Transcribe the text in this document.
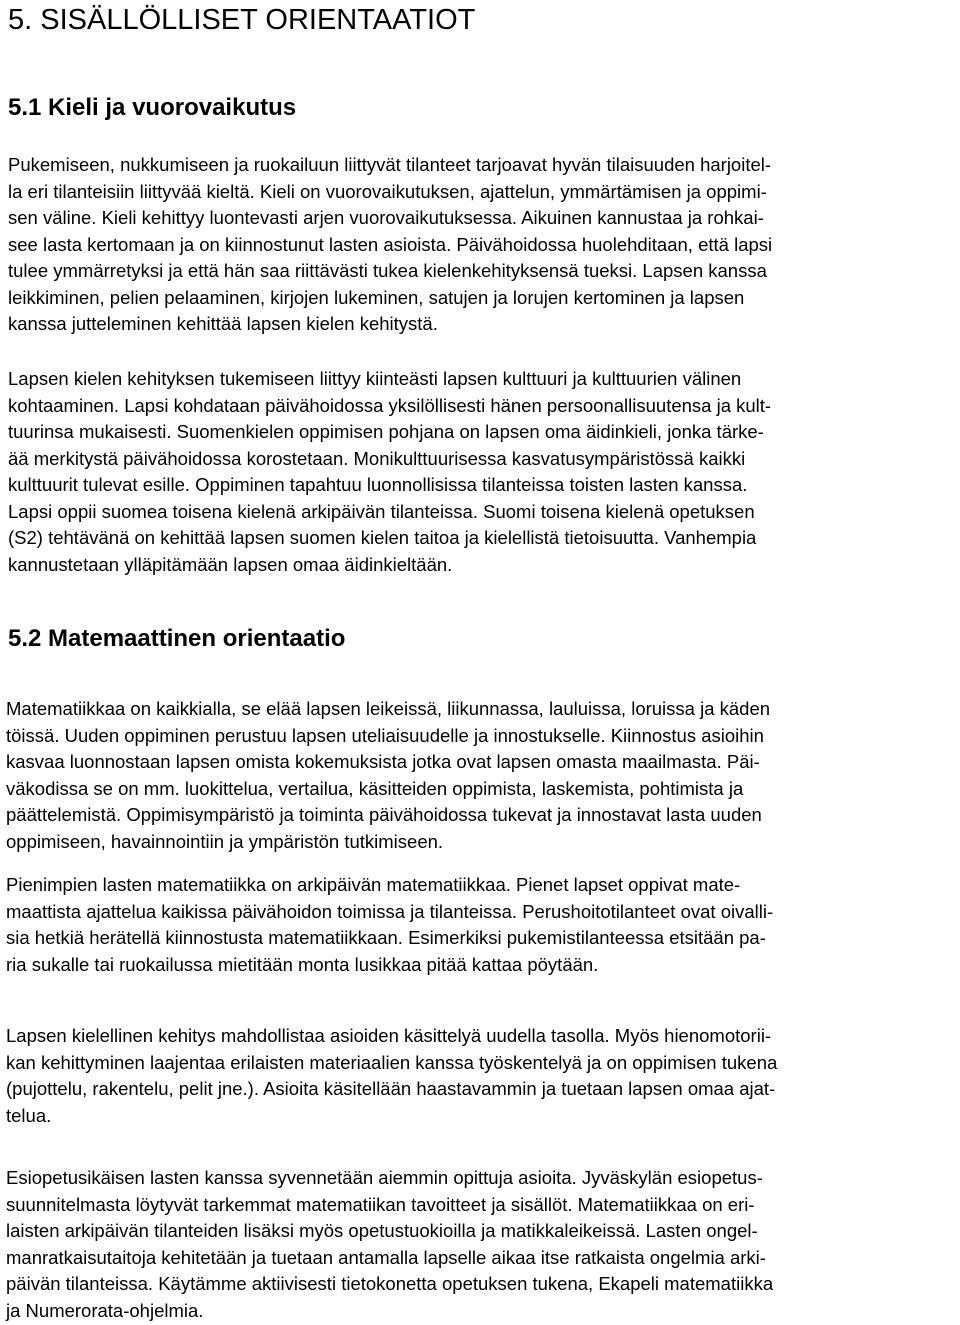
5. SISÄLLÖLLISET ORIENTAATIOT
5.1 Kieli ja vuorovaikutus

Pukemiseen, nukkumiseen ja ruokailuun liittyvät tilanteet tarjoavat hyvän tilaisuuden harjoitel-
la eri tilanteisiin liittyvää kieltä. Kieli on vuorovaikutuksen, ajattelun, ymmärtämisen ja oppimi-
sen väline. Kieli kehittyy luontevasti arjen vuorovaikutuksessa. Aikuinen kannustaa ja rohkai-
see lasta kertomaan ja on kiinnostunut lasten asioista. Päivähoidossa huolehditaan, että lapsi
tulee ymmärretyksi ja että hän saa riittävästi tukea kielenkehityksensä tueksi. Lapsen kanssa
leikkiminen, pelien pelaaminen, kirjojen lukeminen, satujen ja lorujen kertominen ja lapsen
kanssa jutteleminen kehittää lapsen kielen kehitystä.

Lapsen kielen kehityksen tukemiseen liittyy kiinteästi lapsen kulttuuri ja kulttuurien välinen
kohtaaminen. Lapsi kohdataan päivähoidossa yksilöllisesti hänen persoonallisuutensa ja kult-
tuurinsa mukaisesti. Suomenkielen oppimisen pohjana on lapsen oma äidinkieli, jonka tärke-
ää merkitystä päivähoidossa korostetaan. Monikulttuurisessa kasvatusympäristössä kaikki
kulttuurit tulevat esille. Oppiminen tapahtuu luonnollisissa tilanteissa toisten lasten kanssa.
Lapsi oppii suomea toisena kielenä arkipäivän tilanteissa. Suomi toisena kielenä opetuksen
(S2) tehtävänä on kehittää lapsen suomen kielen taitoa ja kielellistä tietoisuutta. Vanhempia
kannustetaan ylläpitämään lapsen omaa äidinkieltään.

5.2 Matemaattinen orientaatio

Matematiikkaa on kaikkialla, se elää lapsen leikeissä, liikunnassa, lauluissa, loruissa ja käden
töissä. Uuden oppiminen perustuu lapsen uteliaisuudelle ja innostukselle. Kiinnostus asioihin
kasvaa luonnostaan lapsen omista kokemuksista jotka ovat lapsen omasta maailmasta. Päi-
väkodissa se on mm. luokittelua, vertailua, käsitteiden oppimista, laskemista, pohtimista ja
päättelemistä. Oppimisympäristö ja toiminta päivähoidossa tukevat ja innostavat lasta uuden
oppimiseen, havainnointiin ja ympäristön tutkimiseen.

Pienimpien lasten matematiikka on arkipäivän matematiikkaa. Pienet lapset oppivat mate-
maattista ajattelua kaikissa päivähoidon toimissa ja tilanteissa. Perushoitotilanteet ovat oivalli-
sia hetkiä herätellä kiinnostusta matematiikkaan. Esimerkiksi pukemistilanteessa etsitään pa-
ria sukalle tai ruokailussa mietitään monta lusikkaa pitää kattaa pöytään.

Lapsen kielellinen kehitys mahdollistaa asioiden käsittelyä uudella tasolla. Myös hienomotorii-
kan kehittyminen laajentaa erilaisten materiaalien kanssa työskentelyä ja on oppimisen tukena
(pujottelu, rakentelu, pelit jne.). Asioita käsitellään haastavammin ja tuetaan lapsen omaa ajat-
telua.

Esiopetusikäisen lasten kanssa syvennetään aiemmin opittuja asioita. Jyväskylän esiopetus-
suunnitelmasta löytyvät tarkemmat matematiikan tavoitteet ja sisällöt. Matematiikkaa on eri-
laisten arkipäivän tilanteiden lisäksi myös opetustuokioilla ja matikkaleikeissä. Lasten ongel-
manratkaisutaitoja kehitetään ja tuetaan antamalla lapselle aikaa itse ratkaista ongelmia arki-
päivän tilanteissa. Käytämme aktiivisesti tietokonetta opetuksen tukena, Ekapeli matematiikka
ja Numerorata-ohjelmia.
